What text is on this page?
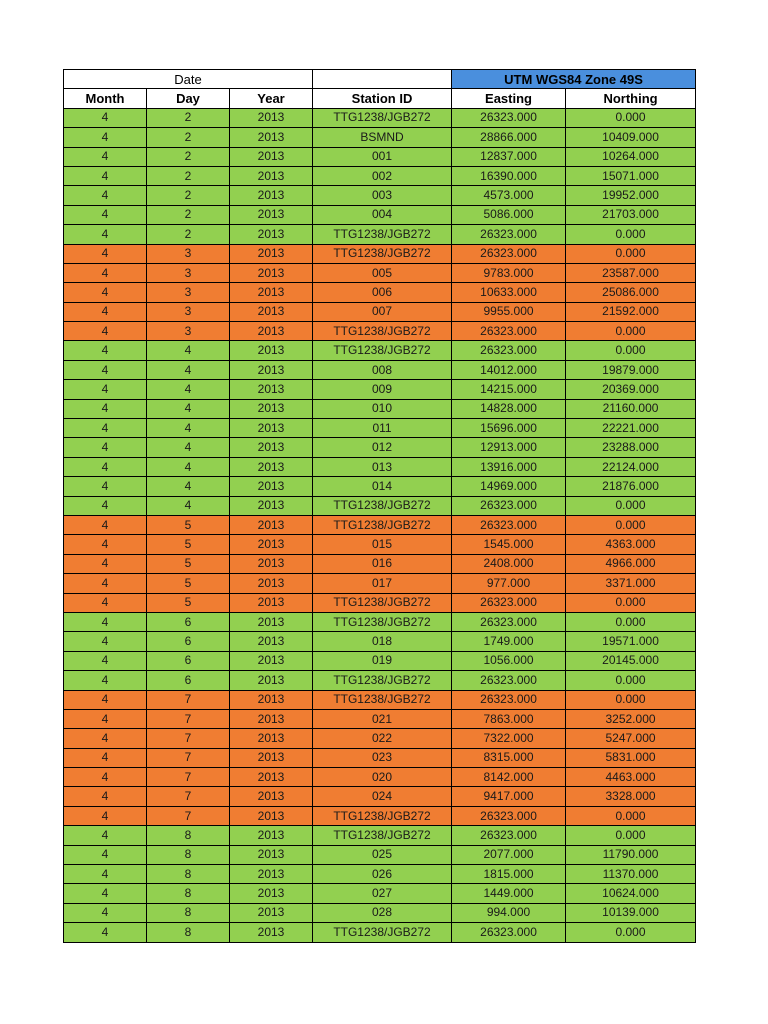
Date				UTM WGS84 Zone 49S	
Month	Day	Year	Station ID	Easting	Northing
4	2	2013	TTG1238/JGB272	26323.000	0.000
4	2	2013	BSMND	28866.000	10409.000
4	2	2013	001	12837.000	10264.000
4	2	2013	002	16390.000	15071.000
4	2	2013	003	4573.000	19952.000
4	2	2013	004	5086.000	21703.000
4	2	2013	TTG1238/JGB272	26323.000	0.000
4	3	2013	TTG1238/JGB272	26323.000	0.000
4	3	2013	005	9783.000	23587.000
4	3	2013	006	10633.000	25086.000
4	3	2013	007	9955.000	21592.000
4	3	2013	TTG1238/JGB272	26323.000	0.000
4	4	2013	TTG1238/JGB272	26323.000	0.000
4	4	2013	008	14012.000	19879.000
4	4	2013	009	14215.000	20369.000
4	4	2013	010	14828.000	21160.000
4	4	2013	011	15696.000	22221.000
4	4	2013	012	12913.000	23288.000
4	4	2013	013	13916.000	22124.000
4	4	2013	014	14969.000	21876.000
4	4	2013	TTG1238/JGB272	26323.000	0.000
4	5	2013	TTG1238/JGB272	26323.000	0.000
4	5	2013	015	1545.000	4363.000
4	5	2013	016	2408.000	4966.000
4	5	2013	017	977.000	3371.000
4	5	2013	TTG1238/JGB272	26323.000	0.000
4	6	2013	TTG1238/JGB272	26323.000	0.000
4	6	2013	018	1749.000	19571.000
4	6	2013	019	1056.000	20145.000
4	6	2013	TTG1238/JGB272	26323.000	0.000
4	7	2013	TTG1238/JGB272	26323.000	0.000
4	7	2013	021	7863.000	3252.000
4	7	2013	022	7322.000	5247.000
4	7	2013	023	8315.000	5831.000
4	7	2013	020	8142.000	4463.000
4	7	2013	024	9417.000	3328.000
4	7	2013	TTG1238/JGB272	26323.000	0.000
4	8	2013	TTG1238/JGB272	26323.000	0.000
4	8	2013	025	2077.000	11790.000
4	8	2013	026	1815.000	11370.000
4	8	2013	027	1449.000	10624.000
4	8	2013	028	994.000	10139.000
4	8	2013	TTG1238/JGB272	26323.000	0.000
